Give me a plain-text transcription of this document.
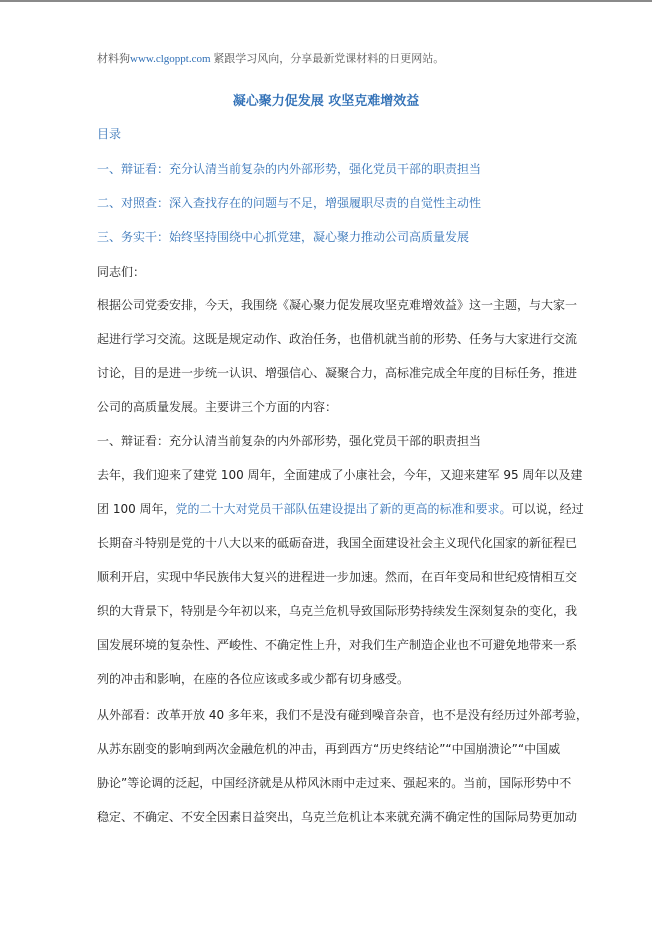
材料狗www.clgoppt.com 紧跟学习风向，分享最新党课材料的日更网站。
凝心聚力促发展 攻坚克难增效益
目录
一、辩证看：充分认清当前复杂的内外部形势，强化党员干部的职责担当
二、对照查：深入查找存在的问题与不足，增强履职尽责的自觉性主动性
三、务实干：始终坚持围绕中心抓党建，凝心聚力推动公司高质量发展
同志们：
根据公司党委安排，今天，我围绕《凝心聚力促发展攻坚克难增效益》这一主题，与大家一
起进行学习交流。这既是规定动作、政治任务，也借机就当前的形势、任务与大家进行交流
讨论，目的是进一步统一认识、增强信心、凝聚合力，高标准完成全年度的目标任务，推进
公司的高质量发展。主要讲三个方面的内容：
一、辩证看：充分认清当前复杂的内外部形势，强化党员干部的职责担当
去年，我们迎来了建党 100 周年，全面建成了小康社会，今年，又迎来建军 95 周年以及建
团 100 周年，党的二十大对党员干部队伍建设提出了新的更高的标准和要求。可以说，经过
长期奋斗特别是党的十八大以来的砥砺奋进，我国全面建设社会主义现代化国家的新征程已
顺利开启，实现中华民族伟大复兴的进程进一步加速。然而，在百年变局和世纪疫情相互交
织的大背景下，特别是今年初以来，乌克兰危机导致国际形势持续发生深刻复杂的变化，我
国发展环境的复杂性、严峻性、不确定性上升，对我们生产制造企业也不可避免地带来一系
列的冲击和影响，在座的各位应该或多或少都有切身感受。
从外部看：改革开放 40 多年来，我们不是没有碰到噪音杂音，也不是没有经历过外部考验，
从苏东剧变的影响到两次金融危机的冲击，再到西方“历史终结论”“中国崩溃论”“中国威
胁论”等论调的泛起，中国经济就是从栉风沐雨中走过来、强起来的。当前，国际形势中不
稳定、不确定、不安全因素日益突出，乌克兰危机让本来就充满不确定性的国际局势更加动
